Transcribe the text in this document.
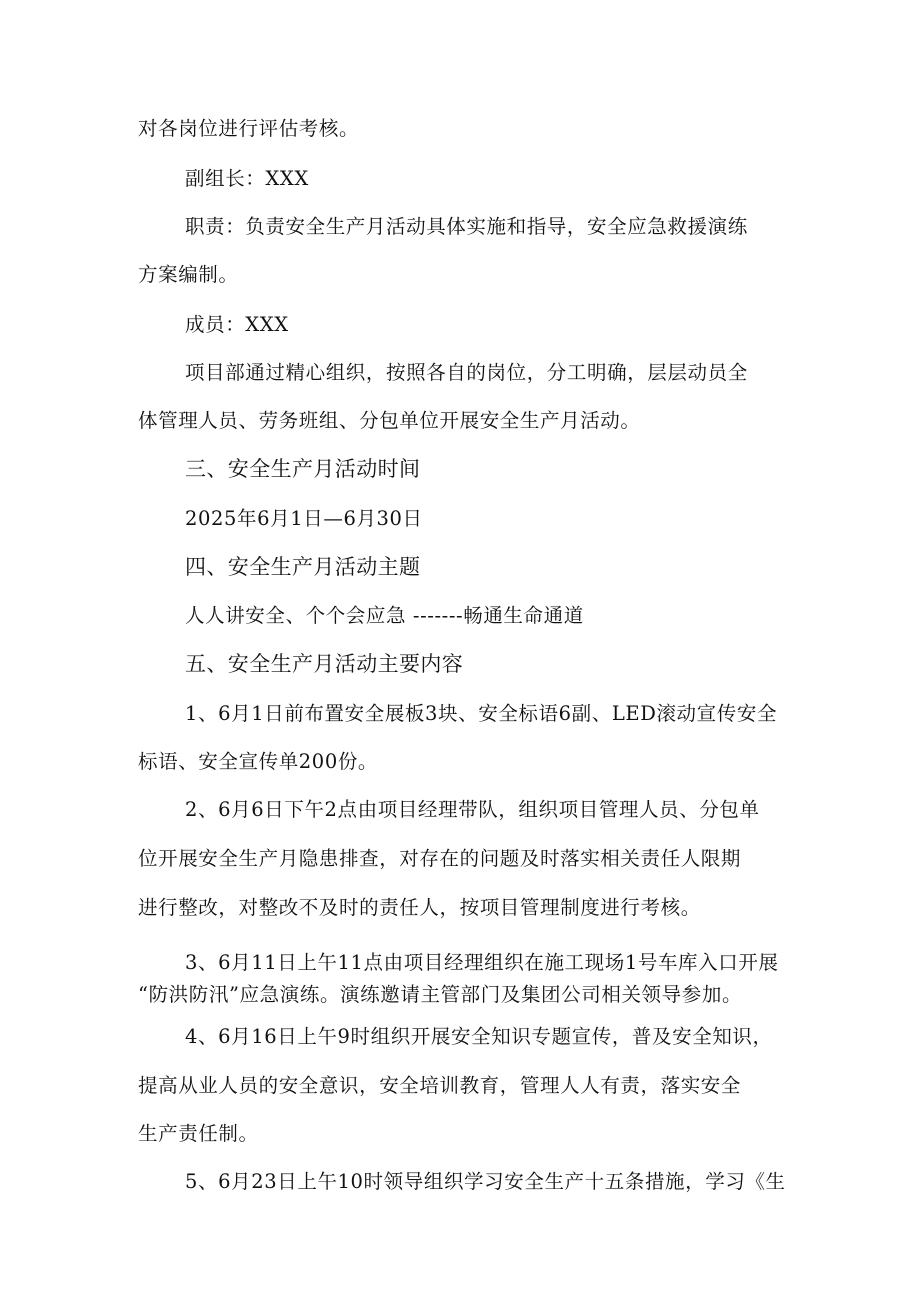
对各岗位进行评估考核。
副组长：XXX
职责：负责安全生产月活动具体实施和指导，安全应急救援演练
方案编制。
成员：XXX
项目部通过精心组织，按照各自的岗位，分工明确，层层动员全
体管理人员、劳务班组、分包单位开展安全生产月活动。
三、安全生产月活动时间
2025年6月1日—6月30日
四、安全生产月活动主题
人人讲安全、个个会应急 -------畅通生命通道
五、安全生产月活动主要内容
1、6月1日前布置安全展板3块、安全标语6副、LED滚动宣传安全
标语、安全宣传单200份。
2、6月6日下午2点由项目经理带队，组织项目管理人员、分包单
位开展安全生产月隐患排查，对存在的问题及时落实相关责任人限期
进行整改，对整改不及时的责任人，按项目管理制度进行考核。
3、6月11日上午11点由项目经理组织在施工现场1号车库入口开展
“防洪防汛”应急演练。演练邀请主管部门及集团公司相关领导参加。
4、6月16日上午9时组织开展安全知识专题宣传，普及安全知识，
提高从业人员的安全意识，安全培训教育，管理人人有责，落实安全
生产责任制。
5、6月23日上午10时领导组织学习安全生产十五条措施，学习《生
